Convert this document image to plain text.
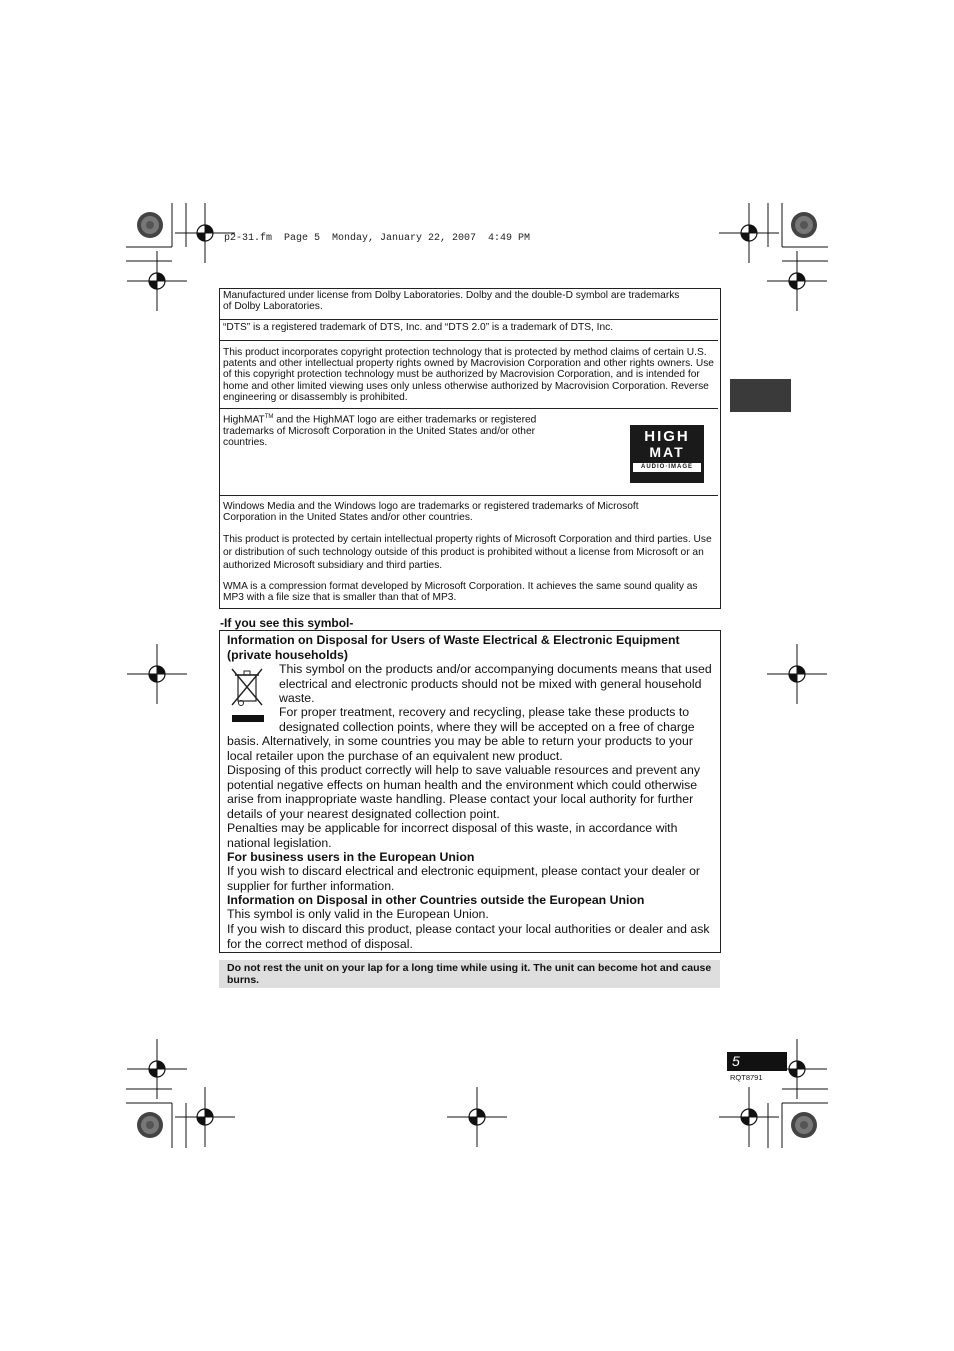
p2-31.fm  Page 5  Monday, January 22, 2007  4:49 PM
Manufactured under license from Dolby Laboratories. Dolby and the double-D symbol are trademarks of Dolby Laboratories.
“DTS” is a registered trademark of DTS, Inc. and “DTS 2.0” is a trademark of DTS, Inc.
This product incorporates copyright protection technology that is protected by method claims of certain U.S. patents and other intellectual property rights owned by Macrovision Corporation and other rights owners. Use of this copyright protection technology must be authorized by Macrovision Corporation, and is intended for home and other limited viewing uses only unless otherwise authorized by Macrovision Corporation. Reverse engineering or disassembly is prohibited.
HighMAT™ and the HighMAT logo are either trademarks or registered trademarks of Microsoft Corporation in the United States and/or other countries.	HIGH
MAT
AUDIO·IMAGE
Windows Media and the Windows logo are trademarks or registered trademarks of Microsoft Corporation in the United States and/or other countries.
This product is protected by certain intellectual property rights of Microsoft Corporation and third parties. Use or distribution of such technology outside of this product is prohibited without a license from Microsoft or an authorized Microsoft subsidiary and third parties.
WMA is a compression format developed by Microsoft Corporation. It achieves the same sound quality as MP3 with a file size that is smaller than that of MP3.
-If you see this symbol-
Information on Disposal for Users of Waste Electrical & Electronic Equipment (private households)
This symbol on the products and/or accompanying documents means that used electrical and electronic products should not be mixed with general household waste.
For proper treatment, recovery and recycling, please take these products to designated collection points, where they will be accepted on a free of charge
basis. Alternatively, in some countries you may be able to return your products to your local retailer upon the purchase of an equivalent new product.
Disposing of this product correctly will help to save valuable resources and prevent any potential negative effects on human health and the environment which could otherwise arise from inappropriate waste handling. Please contact your local authority for further details of your nearest designated collection point.
Penalties may be applicable for incorrect disposal of this waste, in accordance with national legislation.
For business users in the European Union
If you wish to discard electrical and electronic equipment, please contact your dealer or supplier for further information.
Information on Disposal in other Countries outside the European Union
This symbol is only valid in the European Union.
If you wish to discard this product, please contact your local authorities or dealer and ask for the correct method of disposal.
Do not rest the unit on your lap for a long time while using it. The unit can become hot and cause burns.
5
RQT8791
